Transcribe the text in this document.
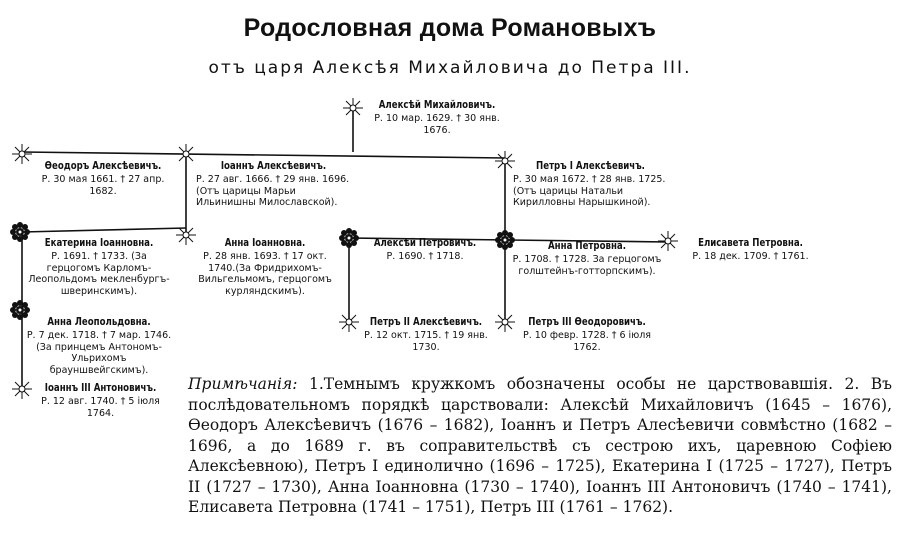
Родословная дома Романовыхъ
отъ царя Алексѣя Михайловича до Петра III.
Алексѣй Михайловичъ.
Р. 10 мар. 1629. † 30 янв. 1676.
Ѳеодоръ Алексѣевичъ.
Р. 30 мая 1661. † 27 апр. 1682.
Іоаннъ Алексѣевичъ.
Р. 27 авг. 1666. † 29 янв. 1696. (Отъ царицы Марьи Ильинишны Милославской).
Петръ I Алексѣевичъ.
Р. 30 мая 1672. † 28 янв. 1725. (Отъ царицы Натальи Кирилловны Нарышкиной).
Екатерина Іоанновна.
Р. 1691. † 1733. (За герцогомъ Карломъ-Леопольдомъ мекленбургъ-шверинскимъ).
Анна Іоанновна.
Р. 28 янв. 1693. † 17 окт. 1740.(За Фридрихомъ-Вильгельмомъ, герцогомъ курляндскимъ).
Алексѣй Петровичъ.
Р. 1690. † 1718.
Анна Петровна.
Р. 1708. † 1728. За герцогомъ голштейнъ-готторпскимъ).
Елисавета Петровна.
Р. 18 дек. 1709. † 1761.
Анна Леопольдовна.
Р. 7 дек. 1718. † 7 мар. 1746. (За принцемъ Антономъ-Ульрихомъ брауншвейгскимъ).
Петръ II Алексѣевичъ.
Р. 12 окт. 1715. † 19 янв. 1730.
Петръ III Ѳеодоровичъ.
Р. 10 февр. 1728. † 6 іюля 1762.
Іоаннъ III Антоновичъ.
Р. 12 авг. 1740. † 5 іюля 1764.
Примѣчанія: 1.Темнымъ кружкомъ обозначены особы не царствовавшія. 2. Въ послѣдовательномъ порядкѣ царствовали: Алексѣй Михайловичъ (1645 – 1676), Ѳеодоръ Алексѣевичъ (1676 – 1682), Іоаннъ и Петръ Алесѣевичи совмѣстно (1682 – 1696, а до 1689 г. въ соправительствѣ съ сестрою ихъ, царевною Софіею Алексѣевною), Петръ I единолично (1696 – 1725), Екатерина I (1725 – 1727), Петръ II (1727 – 1730), Анна Іоанновна (1730 – 1740), Іоаннъ III Антоновичъ (1740 – 1741), Елисавета Петровна (1741 – 1751), Петръ III (1761 – 1762).
